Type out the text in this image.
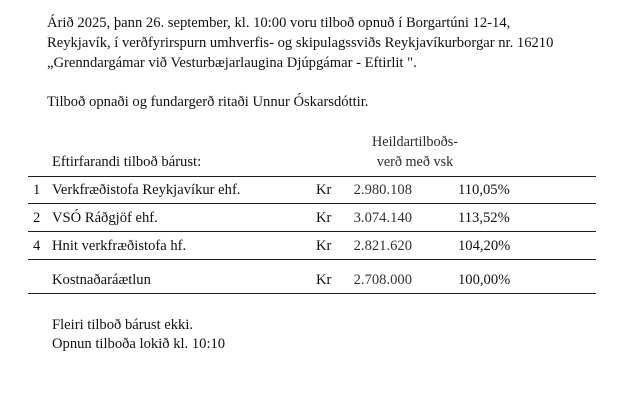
Árið 2025, þann 26. september, kl. 10:00 voru tilboð opnuð í Borgartúni 12-14,
Reykjavík, í verðfyrirspurn umhverfis- og skipulagssviðs Reykjavíkurborgar nr. 16210
„Grenndargámar við Vesturbæjarlaugina Djúpgámar - Eftirlit ".
Tilboð opnaði og fundargerð ritaði Unnur Óskarsdóttir.
Heildartilboðs-
verð með vsk
Eftirfarandi tilboð bárust:
1 Verkfræðistofa Reykjavíkur ehf.	Kr	2.980.108	110,05%
2 VSÓ Ráðgjöf ehf.	Kr	3.074.140	113,52%
4 Hnit verkfræðistofa hf.	Kr	2.821.620	104,20%
Kostnaðaráætlun	Kr	2.708.000	100,00%
Fleiri tilboð bárust ekki.
Opnun tilboða lokið kl. 10:10
